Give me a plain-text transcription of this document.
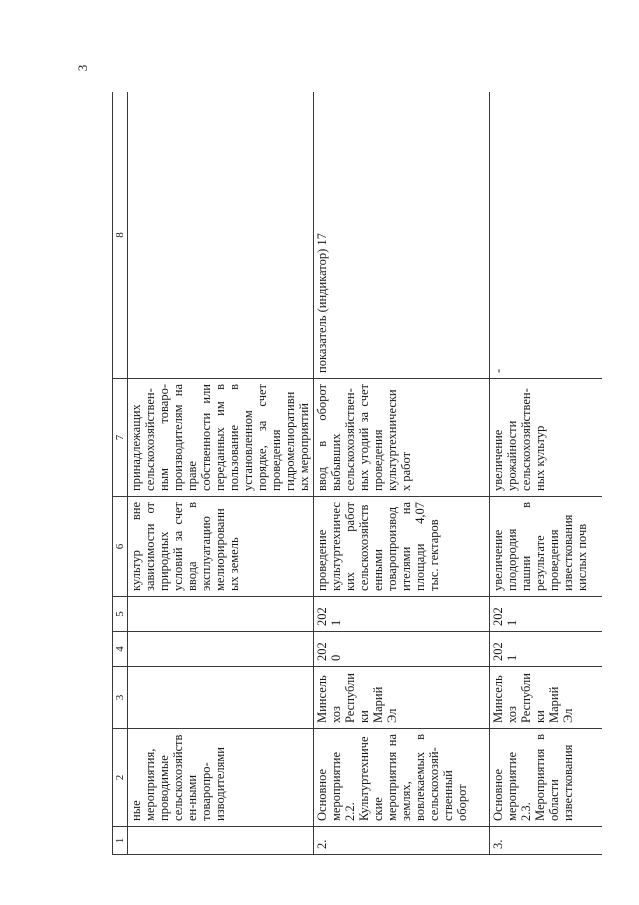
3
1	2	3	4	5	6	7	8
	ные мероприятия, проводимые сельскохозяйствен-ными товаропро-изводителями				культур вне зависимости от природных условий за счет ввода в эксплуатацию мелиорированных земель	принадлежащих сельскохозяйствен-ным товаро-производителям на праве собственности или переданных им в пользование в установленном порядке, за счет проведения гидромелиоративных мероприятий	
2.	Основное мероприятие 2.2. Культуртехнические мероприятия на землях, вовлекаемых в сельскохозяй-ственный оборот	Минсельхоз Республики Марий Эл	2020	2021	проведение культуртехнических работ сельскохозяйственными товаропроизводителями на площади 4,07 тыс. гектаров	ввод в оборот выбывших сельскохозяйствен-ных угодий за счет проведения культуртехнических работ	показатель (индикатор) 17
3.	Основное мероприятие 2.3. Мероприятия в области известкования	Минсельхоз Республики Марий Эл	2021	2021	увеличение плодородия пашни в результате проведения известкования кислых почв	увеличение урожайности сельскохозяйствен-ных культур	-
